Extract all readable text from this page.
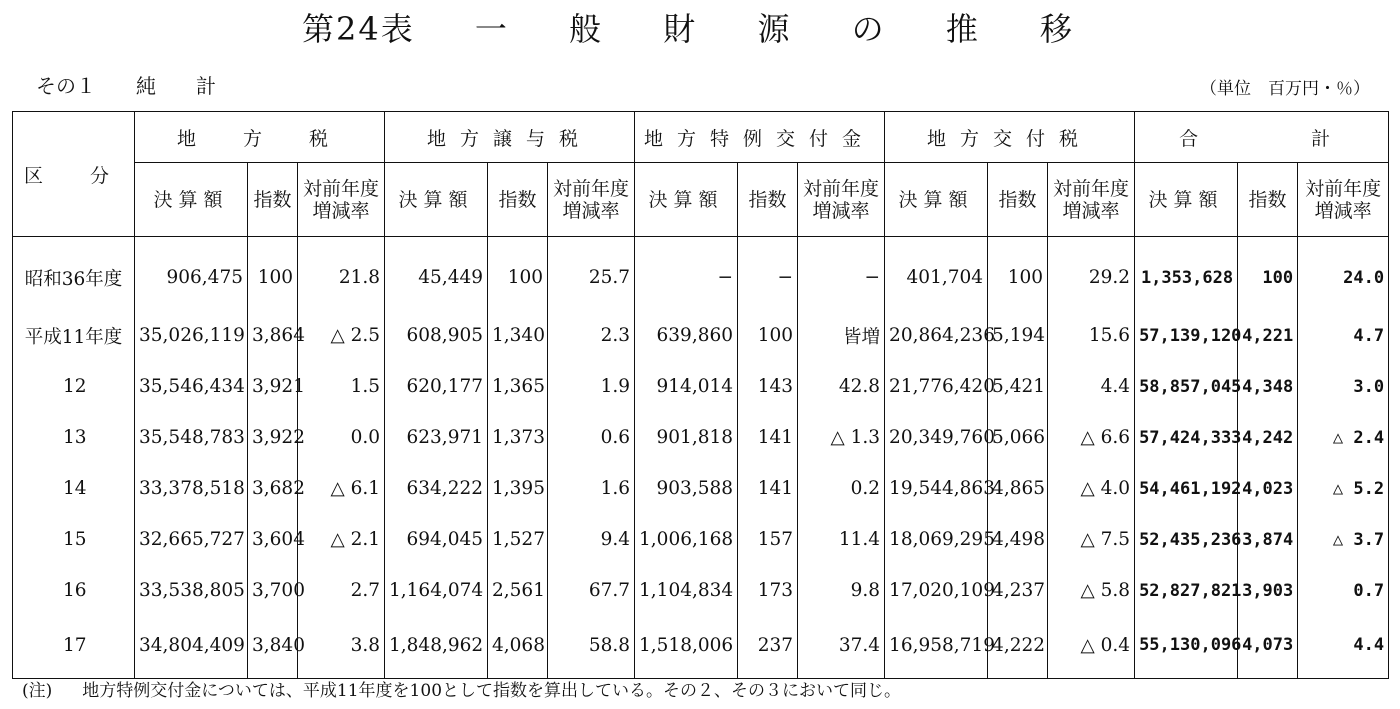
第24表 一 般 財 源 の 推 移
その１ 純　　計	（単位　百万円・％）
区　分	地　方　税			地方譲与税			地方特例交付金			地方交付税			合　　　計		
	決算額	指数	対前年度
増減率	決算額	指数	対前年度
増減率	決算額	指数	対前年度
増減率	決算額	指数	対前年度
増減率	決算額	指数	対前年度
増減率
昭和36年度	906,475	100	21.8	45,449	100	25.7	−	−	−	401,704	100	29.2	1,353,628	100	24.0
平成11年度	35,026,119	3,864	△ 2.5	608,905	1,340	2.3	639,860	100	皆増	20,864,236	5,194	15.6	57,139,120	4,221	4.7
12	35,546,434	3,921	1.5	620,177	1,365	1.9	914,014	143	42.8	21,776,420	5,421	4.4	58,857,045	4,348	3.0
13	35,548,783	3,922	0.0	623,971	1,373	0.6	901,818	141	△ 1.3	20,349,760	5,066	△ 6.6	57,424,333	4,242	△ 2.4
14	33,378,518	3,682	△ 6.1	634,222	1,395	1.6	903,588	141	0.2	19,544,863	4,865	△ 4.0	54,461,192	4,023	△ 5.2
15	32,665,727	3,604	△ 2.1	694,045	1,527	9.4	1,006,168	157	11.4	18,069,295	4,498	△ 7.5	52,435,236	3,874	△ 3.7
16	33,538,805	3,700	2.7	1,164,074	2,561	67.7	1,104,834	173	9.8	17,020,109	4,237	△ 5.8	52,827,821	3,903	0.7
17	34,804,409	3,840	3.8	1,848,962	4,068	58.8	1,518,006	237	37.4	16,958,719	4,222	△ 0.4	55,130,096	4,073	4.4
(注) 地方特例交付金については、平成11年度を100として指数を算出している。その２、その３において同じ。
